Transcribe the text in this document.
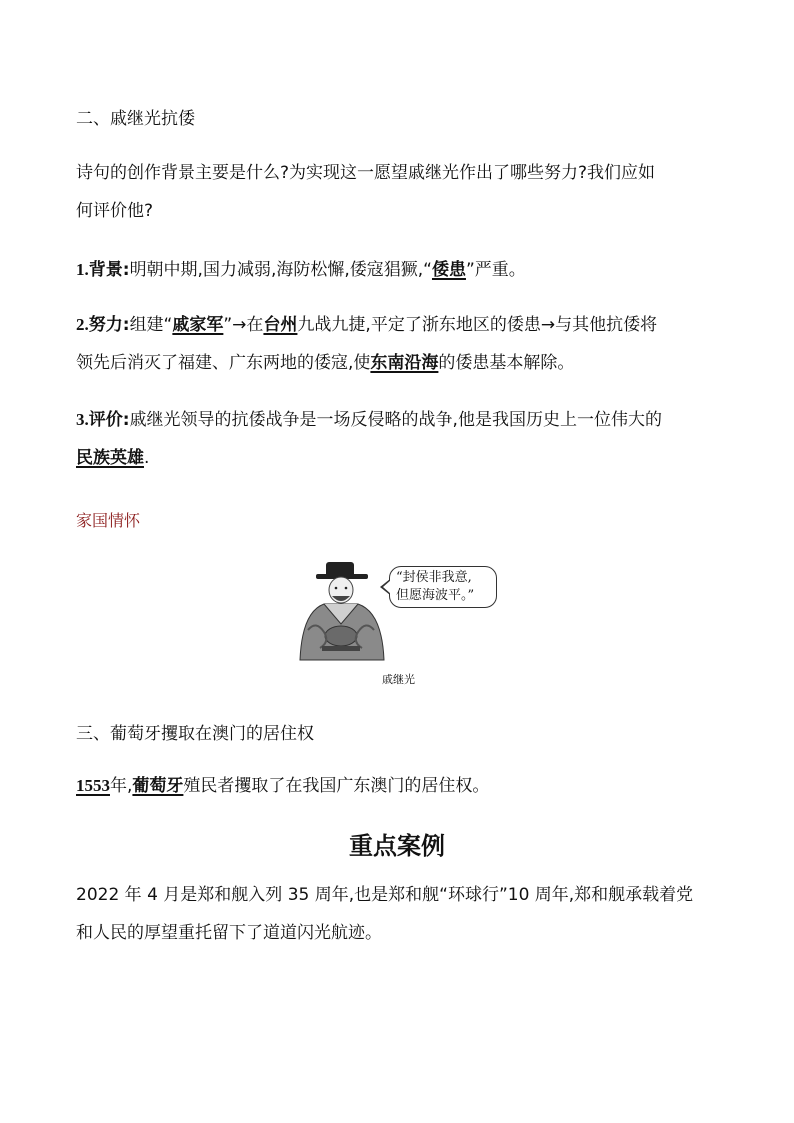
二、戚继光抗倭
诗句的创作背景主要是什么?为实现这一愿望戚继光作出了哪些努力?我们应如
何评价他?
1.背景:明朝中期,国力减弱,海防松懈,倭寇猖獗,“倭患”严重。
2.努力:组建“戚家军”→在台州九战九捷,平定了浙东地区的倭患→与其他抗倭将
领先后消灭了福建、广东两地的倭寇,使东南沿海的倭患基本解除。
3.评价:戚继光领导的抗倭战争是一场反侵略的战争,他是我国历史上一位伟大的
民族英雄.
家国情怀
“封侯非我意,
但愿海波平。”
戚继光
三、葡萄牙攫取在澳门的居住权
1553年,葡萄牙殖民者攫取了在我国广东澳门的居住权。
重点案例
2022 年 4 月是郑和舰入列 35 周年,也是郑和舰“环球行”10 周年,郑和舰承载着党
和人民的厚望重托留下了道道闪光航迹。
